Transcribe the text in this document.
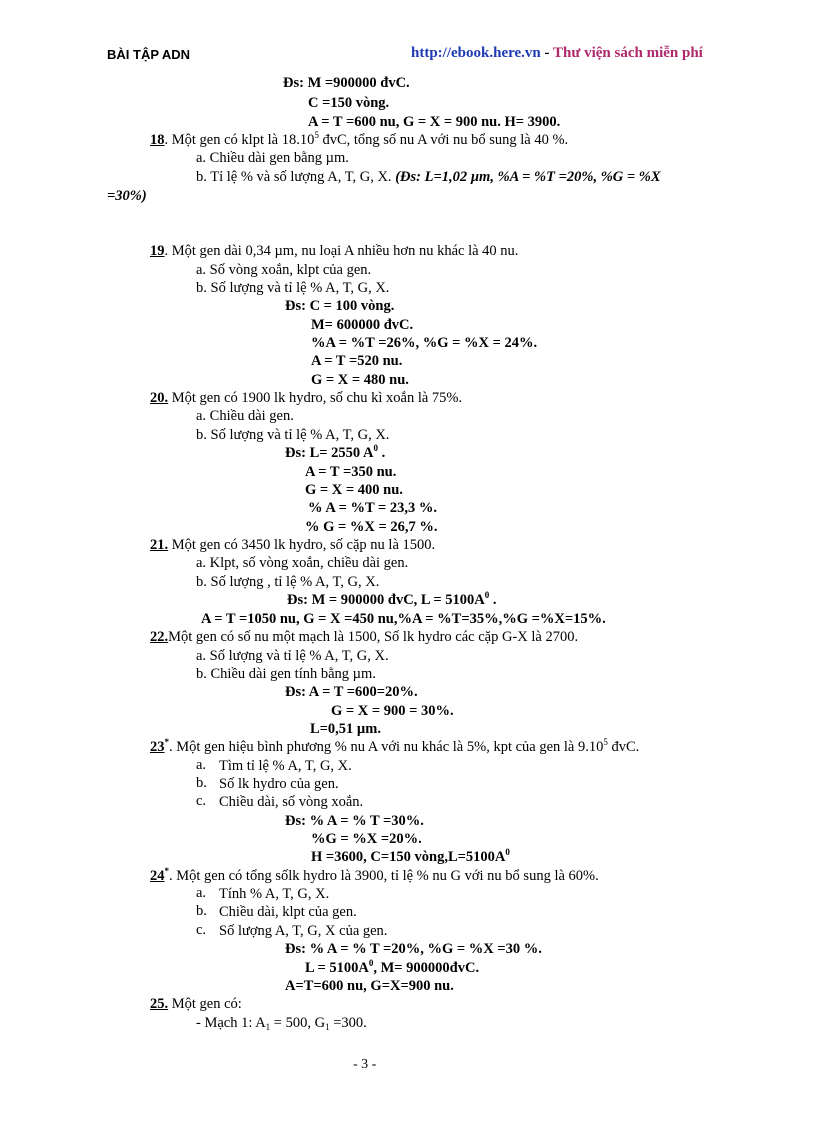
BÀI TẬP ADN	http://ebook.here.vn - Thư viện sách miễn phí
Đs: M =900000 đvC.
C =150 vòng.
A = T =600 nu, G = X = 900 nu. H= 3900.
18. Một gen có klpt là 18.10$^5$ đvC, tổng số nu A với nu bổ sung là 40 %.
a. Chiều dài gen bằng µm.
b. Tỉ lệ % và số lượng A, T, G, X. (Đs: L=1,02 µm, %A = %T =20%, %G = %X
=30%)
19. Một gen dài 0,34 µm, nu loại A nhiều hơn nu khác là 40 nu.
a. Số vòng xoắn, klpt của gen.
b. Số lượng và tỉ lệ % A, T, G, X.
Đs: C = 100 vòng.
M= 600000 đvC.
%A = %T =26%, %G = %X = 24%.
A = T =520 nu.
G = X = 480 nu.
20. Một gen có 1900 lk hydro, số chu kì xoắn là 75%.
a. Chiều dài gen.
b. Số lượng và tỉ lệ % A, T, G, X.
Đs: L= 2550 $A^0$ .
A = T =350 nu.
G = X = 400 nu.
% A = %T = 23,3 %.
% G = %X = 26,7 %.
21. Một gen có 3450 lk hydro, số cặp nu là 1500.
a. Klpt, số vòng xoắn, chiều dài gen.
b. Số lượng , tỉ lệ % A, T, G, X.
Đs: M = 900000 đvC, $L = 5100A^0$ .
A = T =1050 nu, G = X =450 nu,%A = %T=35%,%G =%X=15%.
22.Một gen có số nu một mạch là 1500, Số lk hydro các cặp G-X là 2700.
a. Số lượng và tỉ lệ % A, T, G, X.
b. Chiều dài gen tính bằng µm.
Đs: A = T =600=20%.
G = X = 900 = 30%.
L=0,51 µm.
23*. Một gen hiệu bình phương % nu A với nu khác là 5%, kpt của gen là 9.10$^5$ đvC.
a. Tìm tỉ lệ % A, T, G, X.
b. Số lk hydro của gen.
c. Chiều dài, số vòng xoắn.
Đs: % A = % T =30%.
%G = %X =20%.
H =3600, C=150 $vòng,L=5100A^0$
24*. Một gen có tổng sốlk hydro là 3900, tỉ lệ % nu G với nu bổ sung là 60%.
a. Tính % A, T, G, X.
b. Chiều dài, klpt của gen.
c. Số lượng A, T, G, X của gen.
Đs: % A = % T =20%, %G = %X =30 %.
$L = 5100A^0$, M= 900000đvC.
A=T=600 nu, G=X=900 nu.
25. Một gen có:
- Mạch 1: $A_1 = 500$, $G_1 =300$.
- 3 -
